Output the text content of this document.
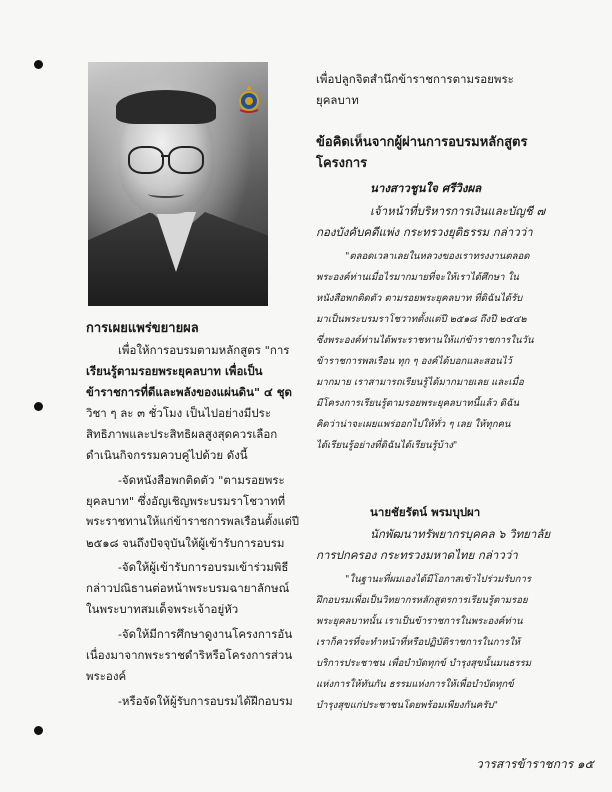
การเผยแพร่ขยายผล
เพื่อให้การอบรมตามหลักสูตร "การ
เรียนรู้ตามรอยพระยุคลบาท เพื่อเป็น
ข้าราชการที่ดีและพลังของแผ่นดิน" ๔ ชุด
วิชา ๆ ละ ๓ ชั่วโมง เป็นไปอย่างมีประ
สิทธิภาพและประสิทธิผลสูงสุดควรเลือก
ดำเนินกิจกรรมควบคู่ไปด้วย ดังนี้
-จัดหนังสือพกติดตัว "ตามรอยพระ
ยุคลบาท" ซึ่งอัญเชิญพระบรมราโชวาทที่
พระราชทานให้แก่ข้าราชการพลเรือนตั้งแต่ปี
๒๕๑๘ จนถึงปัจจุบันให้ผู้เข้ารับการอบรม
-จัดให้ผู้เข้ารับการอบรมเข้าร่วมพิธี
กล่าวปณิธานต่อหน้าพระบรมฉายาลักษณ์
ในพระบาทสมเด็จพระเจ้าอยู่หัว
-จัดให้มีการศึกษาดูงานโครงการอัน
เนื่องมาจากพระราชดำริหรือโครงการส่วน
พระองค์
-หรือจัดให้ผู้รับการอบรมได้ฝึกอบรม
เพื่อปลูกจิตสำนึกข้าราชการตามรอยพระ
ยุคลบาท
ข้อคิดเห็นจากผู้ผ่านการอบรมหลักสูตร
โครงการ
นางสาวชูนใจ ศรีวิงผล
เจ้าหน้าที่บริหารการเงินและบัญชี ๗
กองบังคับคดีแพ่ง กระทรวงยุติธรรม กล่าวว่า
"ตลอดเวลาเลยในหลวงของเราทรงงานตลอด
พระองค์ท่านเมื่อไรมากมายที่จะให้เราได้ศึกษา ใน
หนังสือพกติดตัว ตามรอยพระยุคลบาท ที่ดิฉันได้รับ
มาเป็นพระบรมราโชวาทตั้งแต่ปี ๒๕๑๘ ถึงปี ๒๕๔๒
ซึ่งพระองค์ท่านได้พระราชทานให้แก่ข้าราชการในวัน
ข้าราชการพลเรือน ทุก ๆ องค์ได้บอกและสอนไว้
มากมาย เราสามารถเรียนรู้ได้มากมายเลย และเมื่อ
มีโครงการเรียนรู้ตามรอยพระยุคลบาทนี้แล้ว ดิฉัน
คิดว่าน่าจะเผยแพร่ออกไปให้ทั่ว ๆ เลย ให้ทุกคน
ได้เรียนรู้อย่างที่ดิฉันได้เรียนรู้บ้าง"
นายชัยรัตน์ พรมบุปผา
นักพัฒนาทรัพยากรบุคคล ๖ วิทยาลัย
การปกครอง กระทรวงมหาดไทย กล่าวว่า
"ในฐานะที่ผมเองได้มีโอกาสเข้าไปร่วมรับการ
ฝึกอบรมเพื่อเป็นวิทยากรหลักสูตรการเรียนรู้ตามรอย
พระยุคลบาทนั้น เราเป็นข้าราชการในพระองค์ท่าน
เราก็ควรที่จะทำหน้าที่หรือปฏิบัติราชการในการให้
บริการประชาชน เพื่อบำบัดทุกข์ บำรุงสุขนั้นมนธรรม
แห่งการให้ทันกัน ธรรมแห่งการให้เพื่อบำบัดทุกข์
บำรุงสุขแก่ประชาชนโดยพร้อมเพียงกันครับ"
วารสารข้าราชการ ๑๕
